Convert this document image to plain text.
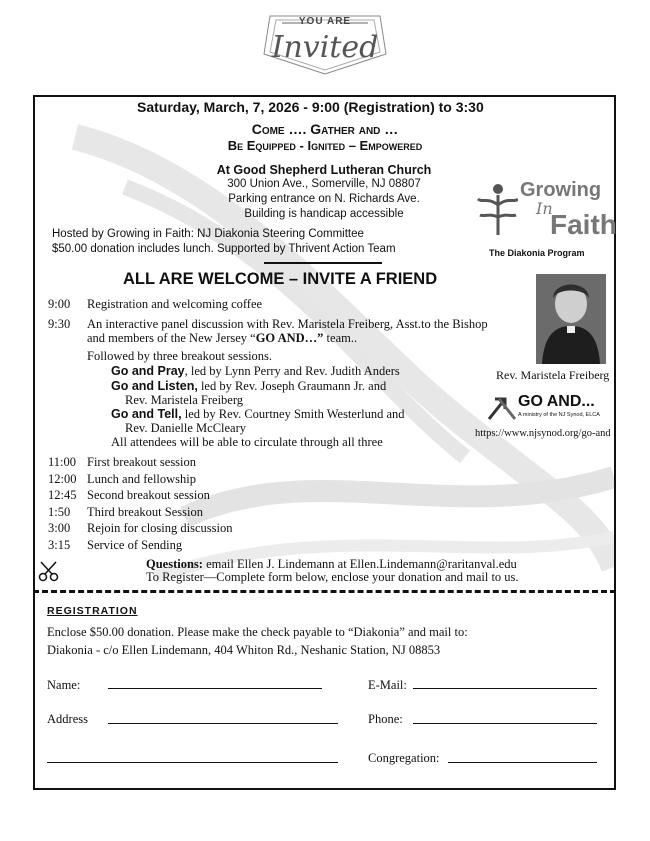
YOU ARE
Invited
Saturday, March, 7, 2026 - 9:00 (Registration) to 3:30
Come …. Gather and …
Be Equipped - Ignited – Empowered
At Good Shepherd Lutheran Church
300 Union Ave., Somerville, NJ 08807
Parking entrance on N. Richards Ave.
Building is handicap accessible
Hosted by Growing in Faith: NJ Diakonia Steering Committee
$50.00 donation includes lunch. Supported by Thrivent Action Team
ALL ARE WELCOME – INVITE A FRIEND
Growing
In
Faith
The Diakonia Program
9:00 Registration and welcoming coffee
9:30 An interactive panel discussion with Rev. Maristela Freiberg, Asst.to the Bishop
and members of the New Jersey “GO AND…” team..
Followed by three breakout sessions.
Go and Pray, led by Lynn Perry and Rev. Judith Anders
Go and Listen, led by Rev. Joseph Graumann Jr. and
Rev. Maristela Freiberg
Go and Tell, led by Rev. Courtney Smith Westerlund and
Rev. Danielle McCleary
All attendees will be able to circulate through all three
11:00 First breakout session
12:00 Lunch and fellowship
12:45 Second breakout session
1:50 Third breakout Session
3:00 Rejoin for closing discussion
3:15 Service of Sending
Rev. Maristela Freiberg
GO AND...
A ministry of the NJ Synod, ELCA
https://www.njsynod.org/go-and
Questions: email Ellen J. Lindemann at Ellen.Lindemann@raritanval.edu
To Register—Complete form below, enclose your donation and mail to us.
REGISTRATION
Enclose $50.00 donation. Please make the check payable to “Diakonia” and mail to:
Diakonia - c/o Ellen Lindemann, 404 Whiton Rd., Neshanic Station, NJ 08853
Name:	E-Mail:
Address	Phone:
Congregation:
